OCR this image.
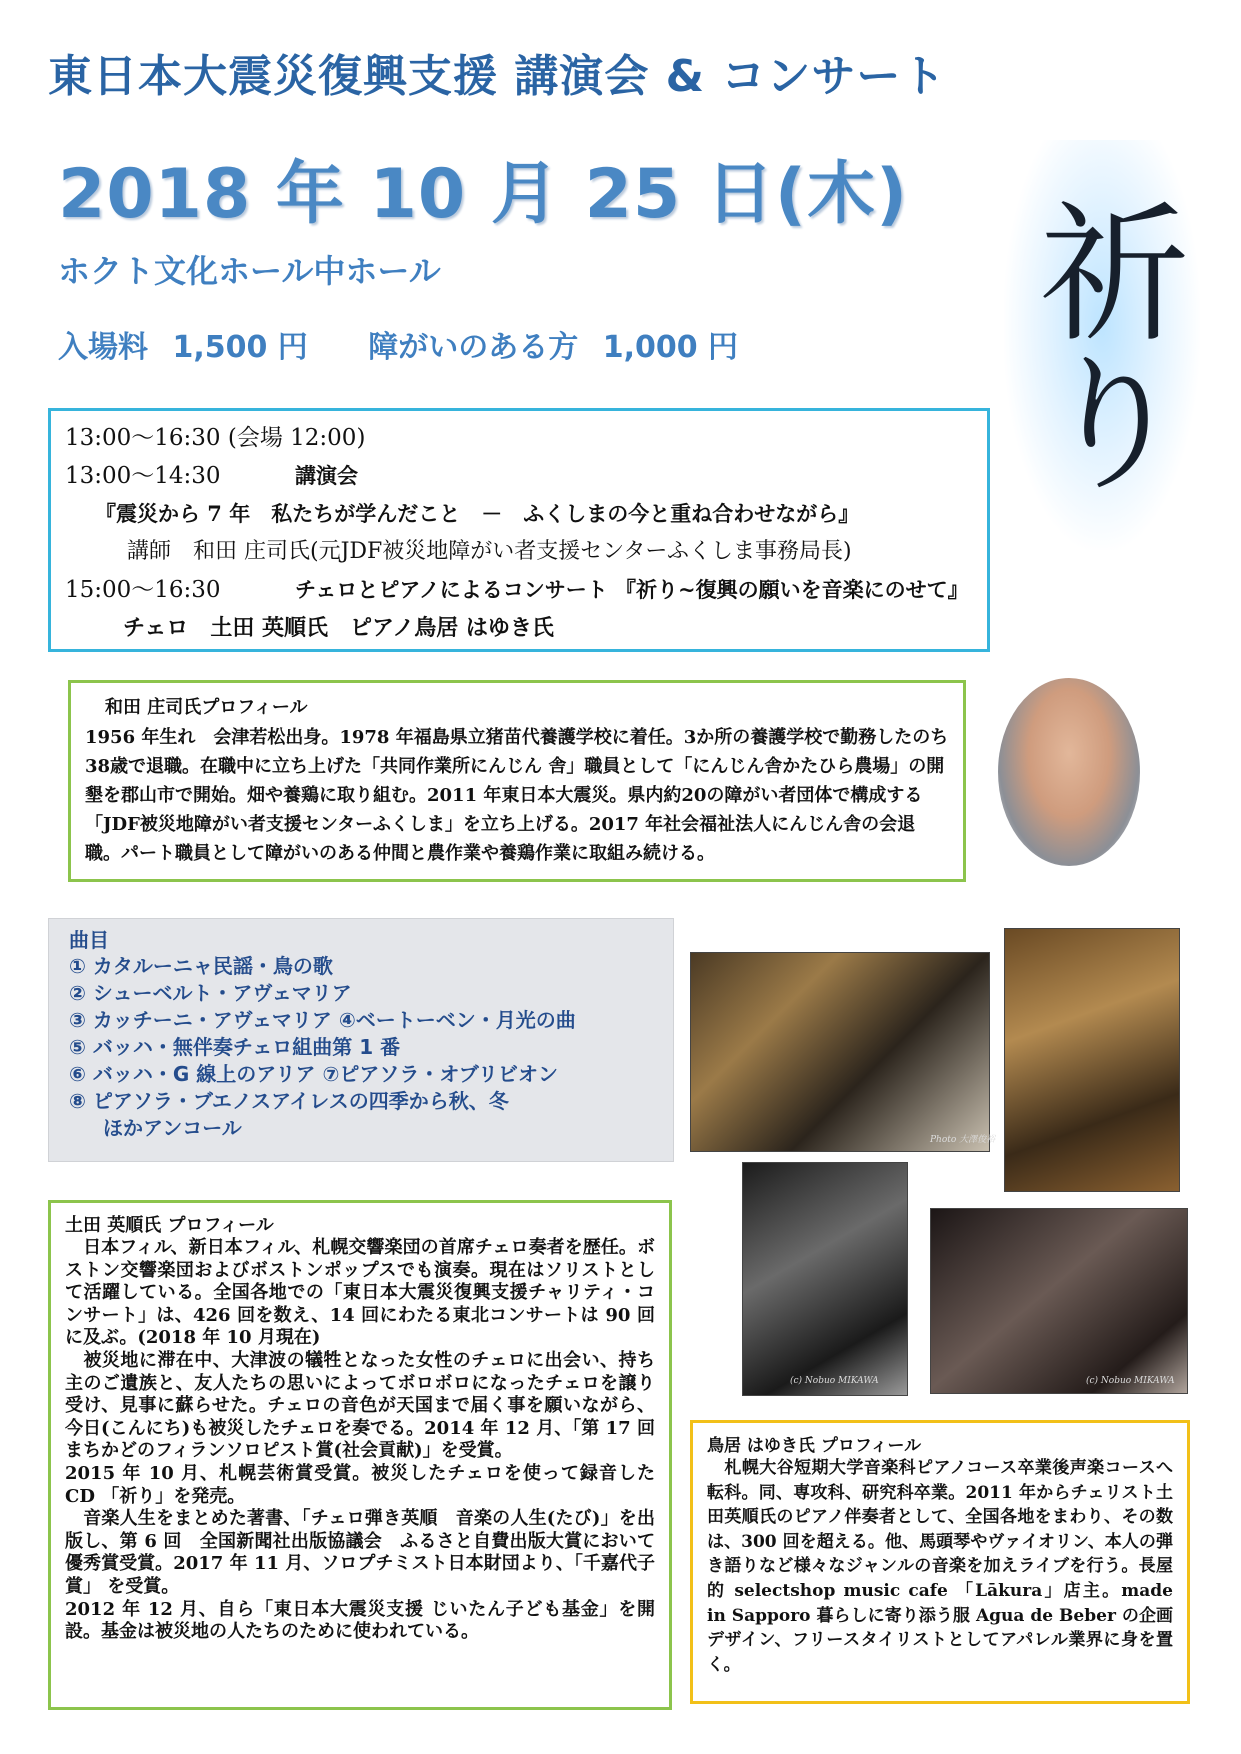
東日本大震災復興支援 講演会 & コンサート
2018 年 10 月 25 日(木)
ホクト文化ホール中ホール
入場料 1,500 円 障がいのある方 1,000 円 祈り
13:00～16:30 (会場 12:00)
13:00～14:30	講演会
『震災から 7 年　私たちが学んだこと　－　ふくしまの今と重ね合わせながら』
講師　和田 庄司氏(元JDF被災地障がい者支援センターふくしま事務局長)
15:00～16:30	チェロとピアノによるコンサート 『祈り~復興の願いを音楽にのせて』
チェロ　土田 英順氏　ピアノ鳥居 はゆき氏
和田 庄司氏プロフィール
1956 年生れ　会津若松出身。1978 年福島県立猪苗代養護学校に着任。3か所の養護学校で勤務したのち38歳で退職。在職中に立ち上げた「共同作業所にんじん 舎」職員として「にんじん舎かたひら農場」の開墾を郡山市で開始。畑や養鶏に取り組む。2011 年東日本大震災。県内約20の障がい者団体で構成する「JDF被災地障がい者支援センターふくしま」を立ち上げる。2017 年社会福祉法人にんじん舎の会退職。パート職員として障がいのある仲間と農作業や養鶏作業に取組み続ける。
曲目
① カタルーニャ民謡・鳥の歌
② シューベルト・アヴェマリア
③ カッチーニ・アヴェマリア ④ベートーベン・月光の曲
⑤ バッハ・無伴奏チェロ組曲第 1 番
⑥ バッハ・G 線上のアリア ⑦ピアソラ・オブリビオン
⑧ ピアソラ・ブエノスアイレスの四季から秋、冬
ほかアンコール	Photo 大澤俊裕
(c) Nobuo MIKAWA	(c) Nobuo MIKAWA
土田 英順氏 プロフィール
　日本フィル、新日本フィル、札幌交響楽団の首席チェロ奏者を歴任。ボストン交響楽団およびボストンポップスでも演奏。現在はソリストとして活躍している。全国各地での「東日本大震災復興支援チャリティ・コンサート」は、426 回を数え、14 回にわたる東北コンサートは 90 回に及ぶ。(2018 年 10 月現在)
　被災地に滞在中、大津波の犠牲となった女性のチェロに出会い、持ち主のご遺族と、友人たちの思いによってボロボロになったチェロを譲り受け、見事に蘇らせた。チェロの音色が天国まで届く事を願いながら、今日(こんにち)も被災したチェロを奏でる。2014 年 12 月、「第 17 回まちかどのフィランソロピスト賞(社会貢献)」を受賞。
2015 年 10 月、札幌芸術賞受賞。被災したチェロを使って録音した CD 「祈り」を発売。
　音楽人生をまとめた著書、「チェロ弾き英順　音楽の人生(たび)」を出版し、第 6 回　全国新聞社出版協議会　ふるさと自費出版大賞において優秀賞受賞。2017 年 11 月、ソロプチミスト日本財団より、「千嘉代子賞」 を受賞。
2012 年 12 月、自ら「東日本大震災支援 じいたん子ども基金」を開設。基金は被災地の人たちのために使われている。
鳥居 はゆき氏 プロフィール
　札幌大谷短期大学音楽科ピアノコース卒業後声楽コースへ転科。同、専攻科、研究科卒業。2011 年からチェリスト土田英順氏のピアノ伴奏者として、全国各地をまわり、その数は、300 回を超える。他、馬頭琴やヴァイオリン、本人の弾き語りなど様々なジャンルの音楽を加えライブを行う。長屋的 selectshop music cafe 「Lākura」店主。made in Sapporo 暮らしに寄り添う服 Agua de Beber の企画デザイン、フリースタイリストとしてアパレル業界に身を置く。
